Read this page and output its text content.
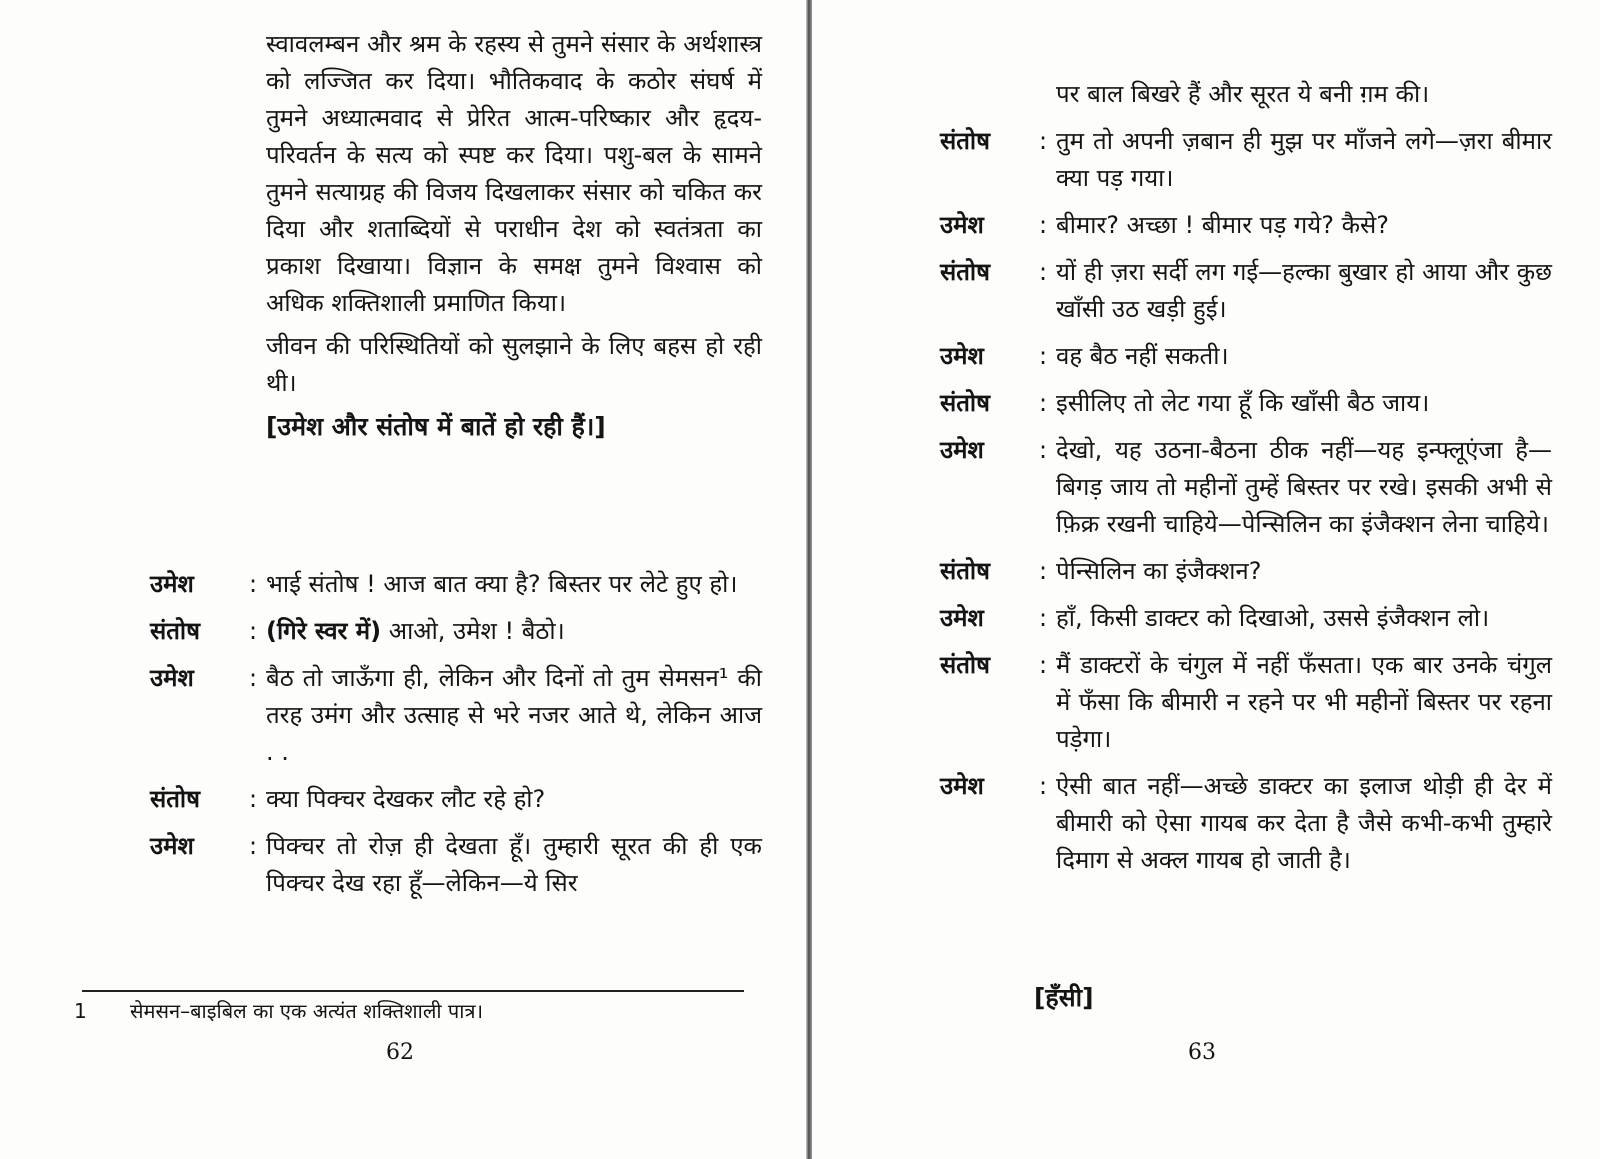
स्वावलम्बन और श्रम के रहस्य से तुमने संसार के अर्थशास्त्र को लज्जित कर दिया। भौतिकवाद के कठोर संघर्ष में तुमने अध्यात्मवाद से प्रेरित आत्म-परिष्कार और हृदय-परिवर्तन के सत्य को स्पष्ट कर दिया। पशु-बल के सामने तुमने सत्याग्रह की विजय दिखलाकर संसार को चकित कर दिया और शताब्दियों से पराधीन देश को स्वतंत्रता का प्रकाश दिखाया। विज्ञान के समक्ष तुमने विश्वास को अधिक शक्तिशाली प्रमाणित किया।

जीवन की परिस्थितियों को सुलझाने के लिए बहस हो रही थी।

[उमेश और संतोष में बातें हो रही हैं।]
उमेश	: भाई संतोष ! आज बात क्या है? बिस्तर पर लेटे हुए हो।
संतोष	: (गिरे स्वर में) आओ, उमेश ! बैठो।
उमेश	: बैठ तो जाऊँगा ही, लेकिन और दिनों तो तुम सेमसन¹ की तरह उमंग और उत्साह से भरे नजर आते थे, लेकिन आज . .
संतोष	: क्या पिक्चर देखकर लौट रहे हो?
उमेश	: पिक्चर तो रोज़ ही देखता हूँ। तुम्हारी सूरत की ही एक पिक्चर देख रहा हूँ—लेकिन—ये सिर
1 सेमसन–बाइबिल का एक अत्यंत शक्तिशाली पात्र।
62
पर बाल बिखरे हैं और सूरत ये बनी ग़म की।
संतोष	: तुम तो अपनी ज़बान ही मुझ पर माँजने लगे—ज़रा बीमार क्या पड़ गया।
उमेश	: बीमार? अच्छा ! बीमार पड़ गये? कैसे?
संतोष	: यों ही ज़रा सर्दी लग गई—हल्का बुखार हो आया और कुछ खाँसी उठ खड़ी हुई।
उमेश	: वह बैठ नहीं सकती।
संतोष	: इसीलिए तो लेट गया हूँ कि खाँसी बैठ जाय।
उमेश	: देखो, यह उठना-बैठना ठीक नहीं—यह इन्फ्लूएंजा है—बिगड़ जाय तो महीनों तुम्हें बिस्तर पर रखे। इसकी अभी से फ़िक्र रखनी चाहिये—पेन्सिलिन का इंजैक्शन लेना चाहिये।
संतोष	: पेन्सिलिन का इंजैक्शन?
उमेश	: हाँ, किसी डाक्टर को दिखाओ, उससे इंजैक्शन लो।
संतोष	: मैं डाक्टरों के चंगुल में नहीं फँसता। एक बार उनके चंगुल में फँसा कि बीमारी न रहने पर भी महीनों बिस्तर पर रहना पड़ेगा।
उमेश	: ऐसी बात नहीं—अच्छे डाक्टर का इलाज थोड़ी ही देर में बीमारी को ऐसा गायब कर देता है जैसे कभी-कभी तुम्हारे दिमाग से अक्ल गायब हो जाती है।
[हँसी]
63
